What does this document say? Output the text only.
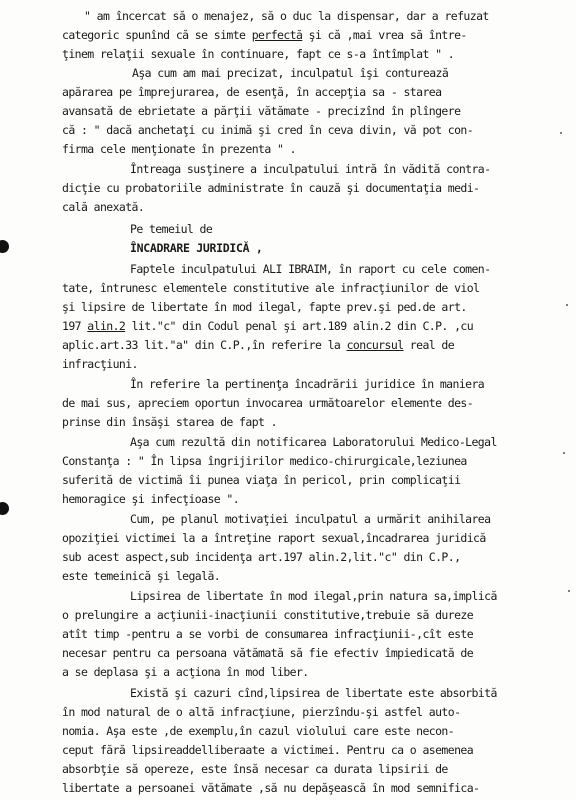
" am încercat să o menajez, să o duc la dispensar, dar a refuzat
categoric spunînd că se simte perfectă şi că ,mai vrea să între-
ţinem relaţii sexuale în continuare, fapt ce s-a întîmplat " .
Aşa cum am mai precizat, inculpatul îşi conturează
apărarea pe împrejurarea, de esenţă, în accepţia sa - starea
avansată de ebrietate a părţii vătămate - precizînd în plîngere
că : " dacă anchetaţi cu inimă şi cred în ceva divin, vă pot con-
firma cele menţionate în prezenta " .
Întreaga susţinere a inculpatului intră în vădită contra-
dicţie cu probatoriile administrate în cauză şi documentaţia medi-
cală anexată.
Pe temeiul de
ÎNCADRARE JURIDICĂ ,
Faptele inculpatului ALI IBRAIM, în raport cu cele comen-
tate, întrunesc elementele constitutive ale infracţiunilor de viol
şi lipsire de libertate în mod ilegal, fapte prev.şi ped.de art.
197 alin.2 lit."c" din Codul penal şi art.189 alin.2 din C.P. ,cu
aplic.art.33 lit."a" din C.P.,în referire la concursul real de
infracţiuni.
În referire la pertinenţa încadrării juridice în maniera
de mai sus, apreciem oportun invocarea următoarelor elemente des-
prinse din însăşi starea de fapt .
Aşa cum rezultă din notificarea Laboratorului Medico-Legal
Constanţa : " În lipsa îngrijirilor medico-chirurgicale,leziunea
suferită de victimă îi punea viaţa în pericol, prin complicaţii
hemoragice şi infecţioase ".
Cum, pe planul motivaţiei inculpatul a urmărit anihilarea
opoziţiei victimei la a întreţine raport sexual,încadrarea juridică
sub acest aspect,sub incidenţa art.197 alin.2,lit."c" din C.P.,
este temeinică şi legală.
Lipsirea de libertate în mod ilegal,prin natura sa,implică
o prelungire a acţiunii-inacţiunii constitutive,trebuie să dureze
atît timp -pentru a se vorbi de consumarea infracţiunii-,cît este
necesar pentru ca persoana vătămată să fie efectiv împiedicată de
a se deplasa şi a acţiona în mod liber.
Există şi cazuri cînd,lipsirea de libertate este absorbită
în mod natural de o altă infracţiune, pierzîndu-şi astfel auto-
nomia. Aşa este ,de exemplu,în cazul violului care este necon-
ceput fără lipsireaddelliberaate a victimei. Pentru ca o asemenea
absorbţie să opereze, este însă necesar ca durata lipsirii de
libertate a persoanei vătămate ,să nu depăşească în mod semnifica-
